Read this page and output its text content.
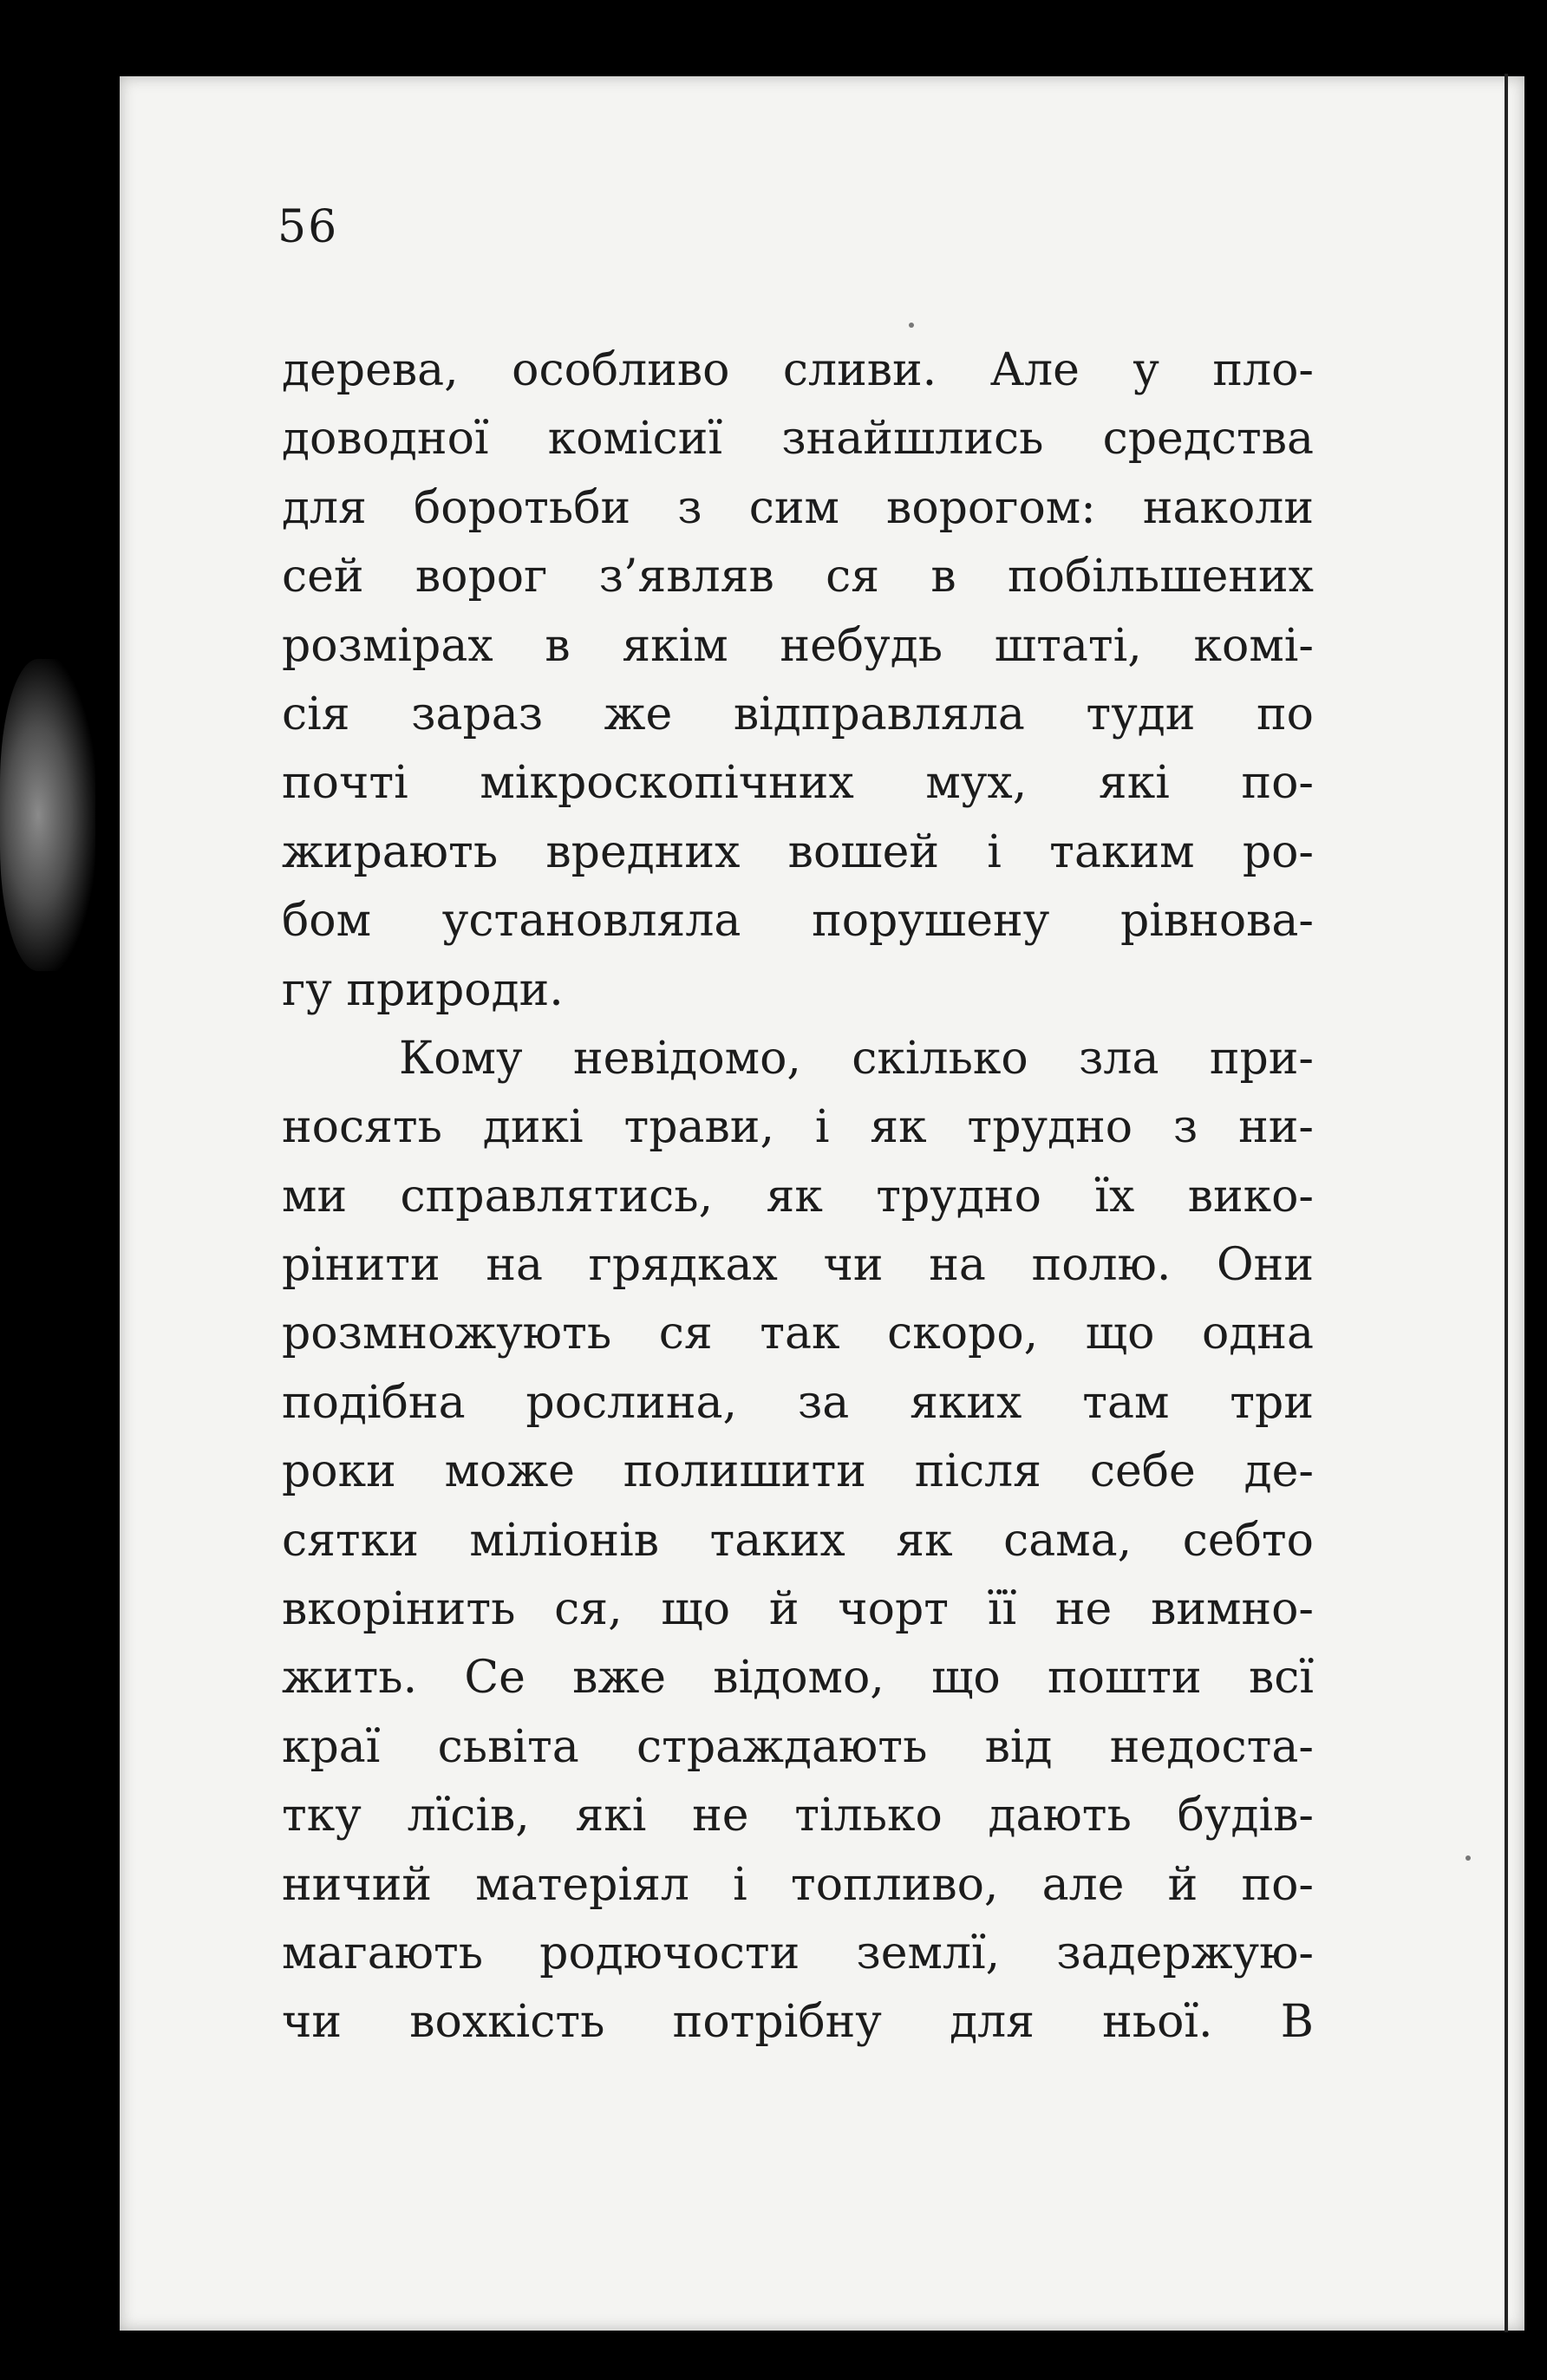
56
дерева, особливо сливи. Але у пло-
доводної комісиї знайшлись средства
для боротьби з сим ворогом: наколи
сей ворог з’являв ся в побільшених
розмірах в якім небудь штаті, комі-
сія зараз же відправляла туди по
почті мікроскопічних мух, які по-
жирають вредних вошей і таким ро-
бом установляла порушену рівнова-
гу природи.
Кому невідомо, скілько зла при-
носять дикі трави, і як трудно з ни-
ми справлятись, як трудно їх вико-
рінити на грядках чи на полю. Они
розмножують ся так скоро, що одна
подібна рослина, за яких там три
роки може полишити після себе де-
сятки міліонів таких як сама, себто
вкорінить ся, що й чорт її не вимно-
жить. Се вже відомо, що пошти всї
краї сьвіта страждають від недоста-
тку лїсів, які не тілько дають будів-
ничий матеріял і топливо, але й по-
магають родючости землї, задержую-
чи вохкість потрібну для ньої. В
